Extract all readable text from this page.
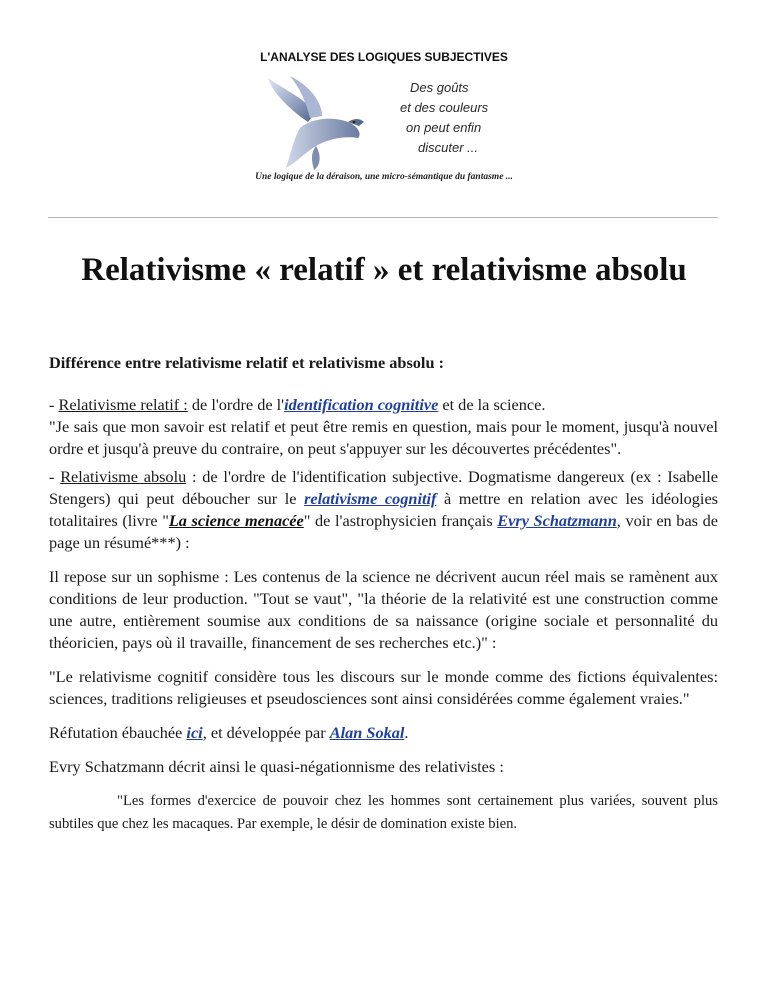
L'ANALYSE DES LOGIQUES SUBJECTIVES
Des goûts
et des couleurs
on peut enfin
discuter ...
Une logique de la déraison, une micro-sémantique du fantasme ...
Relativisme « relatif » et relativisme absolu

Différence entre relativisme relatif et relativisme absolu :

- Relativisme relatif : de l'ordre de l'identification cognitive et de la science.
"Je sais que mon savoir est relatif et peut être remis en question, mais pour le moment, jusqu'à nouvel ordre et jusqu'à preuve du contraire, on peut s'appuyer sur les découvertes précédentes".

- Relativisme absolu : de l'ordre de l'identification subjective. Dogmatisme dangereux (ex : Isabelle Stengers) qui peut déboucher sur le relativisme cognitif à mettre en relation avec les idéologies totalitaires (livre "La science menacée" de l'astrophysicien français Evry Schatzmann, voir en bas de page un résumé***) :

Il repose sur un sophisme : Les contenus de la science ne décrivent aucun réel mais se ramènent aux conditions de leur production. "Tout se vaut", "la théorie de la relativité est une construction comme une autre, entièrement soumise aux conditions de sa naissance (origine sociale et personnalité du théoricien, pays où il travaille, financement de ses recherches etc.)" :

"Le relativisme cognitif considère tous les discours sur le monde comme des fictions équivalentes: sciences, traditions religieuses et pseudosciences sont ainsi considérées comme également vraies."

Réfutation ébauchée ici, et développée par Alan Sokal.

Evry Schatzmann décrit ainsi le quasi-négationnisme des relativistes :

"Les formes d'exercice de pouvoir chez les hommes sont certainement plus variées, souvent plus subtiles que chez les macaques. Par exemple, le désir de domination existe bien.
